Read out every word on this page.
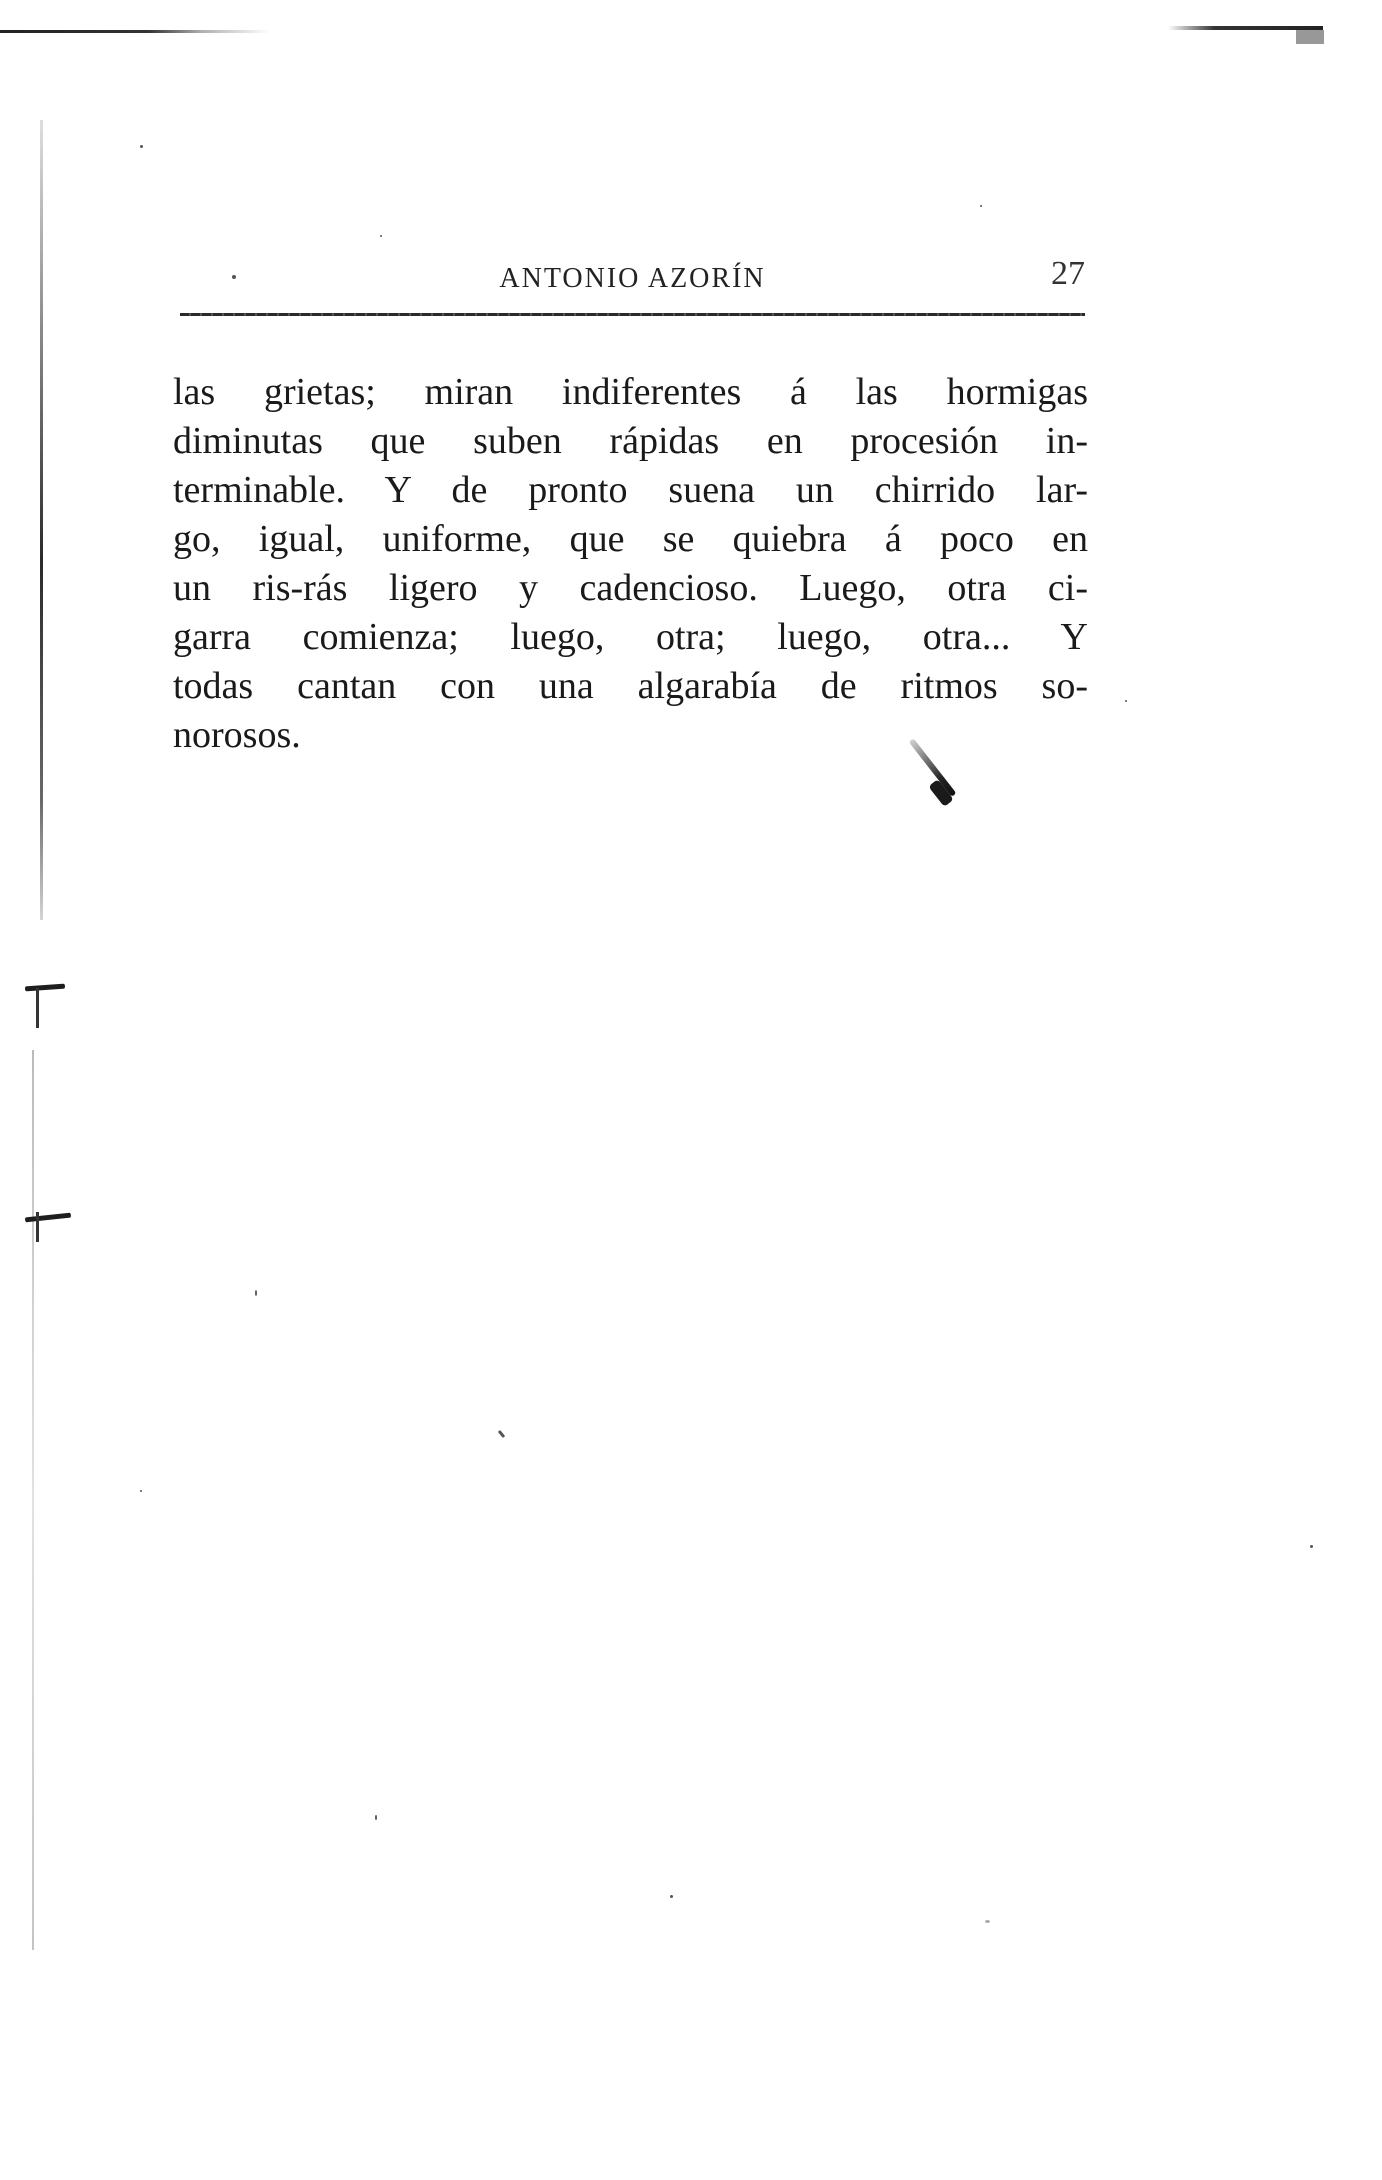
ANTONIO AZORÍN	27
las grietas; miran indiferentes á las hormigas
diminutas que suben rápidas en procesión in-
terminable. Y de pronto suena un chirrido lar-
go, igual, uniforme, que se quiebra á poco en
un ris-rás ligero y cadencioso. Luego, otra ci-
garra comienza; luego, otra; luego, otra... Y
todas cantan con una algarabía de ritmos so-
norosos.
